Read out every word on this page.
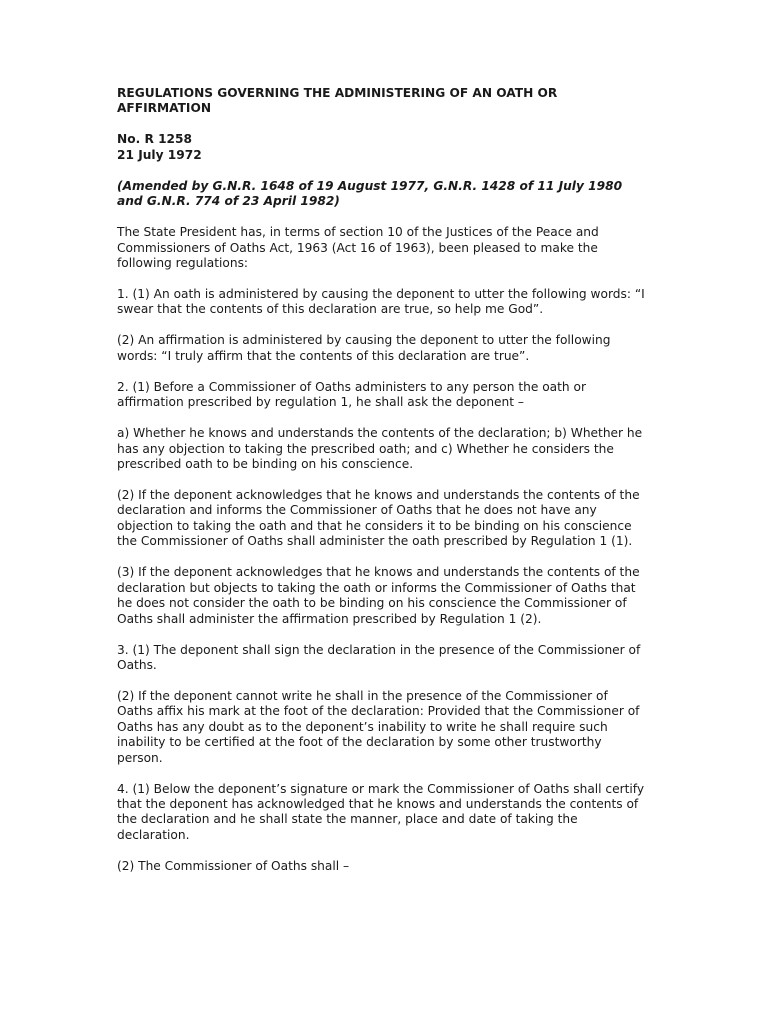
REGULATIONS GOVERNING THE ADMINISTERING OF AN OATH OR AFFIRMATION

No. R 1258
21 July 1972

(Amended by G.N.R. 1648 of 19 August 1977, G.N.R. 1428 of 11 July 1980 and G.N.R. 774 of 23 April 1982)

The State President has, in terms of section 10 of the Justices of the Peace and Commissioners of Oaths Act, 1963 (Act 16 of 1963), been pleased to make the following regulations:

1. (1) An oath is administered by causing the deponent to utter the following words: “I swear that the contents of this declaration are true, so help me God”.

(2) An affirmation is administered by causing the deponent to utter the following words: “I truly affirm that the contents of this declaration are true”.

2. (1) Before a Commissioner of Oaths administers to any person the oath or affirmation prescribed by regulation 1, he shall ask the deponent –

a) Whether he knows and understands the contents of the declaration; b) Whether he has any objection to taking the prescribed oath; and c) Whether he considers the prescribed oath to be binding on his conscience.

(2) If the deponent acknowledges that he knows and understands the contents of the declaration and informs the Commissioner of Oaths that he does not have any objection to taking the oath and that he considers it to be binding on his conscience the Commissioner of Oaths shall administer the oath prescribed by Regulation 1 (1).

(3) If the deponent acknowledges that he knows and understands the contents of the declaration but objects to taking the oath or informs the Commissioner of Oaths that he does not consider the oath to be binding on his conscience the Commissioner of Oaths shall administer the affirmation prescribed by Regulation 1 (2).

3. (1) The deponent shall sign the declaration in the presence of the Commissioner of Oaths.

(2) If the deponent cannot write he shall in the presence of the Commissioner of Oaths affix his mark at the foot of the declaration: Provided that the Commissioner of Oaths has any doubt as to the deponent’s inability to write he shall require such inability to be certified at the foot of the declaration by some other trustworthy person.

4. (1) Below the deponent’s signature or mark the Commissioner of Oaths shall certify that the deponent has acknowledged that he knows and understands the contents of the declaration and he shall state the manner, place and date of taking the declaration.

(2) The Commissioner of Oaths shall –
